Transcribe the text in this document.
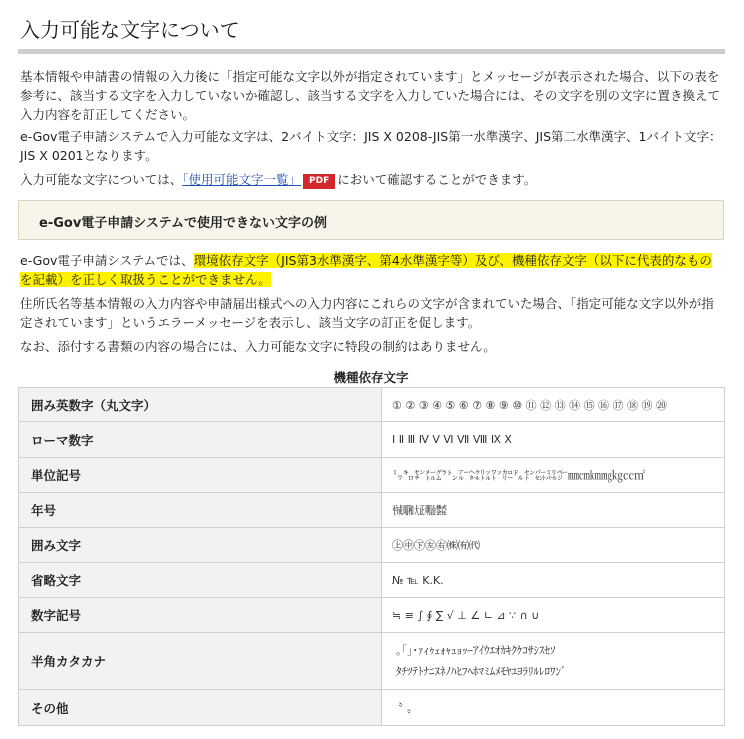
入力可能な文字について

基本情報や申請書の情報の入力後に「指定可能な文字以外が指定されています」とメッセージが表示された場合、以下の表を参考に、該当する文字を入力していないか確認し、該当する文字を入力していた場合には、その文字を別の文字に置き換えて入力内容を訂正してください。

e-Gov電子申請システムで入力可能な文字は、2バイト文字：JIS X 0208-JIS第一水準漢字、JIS第二水準漢字、1バイト文字：JIS X 0201となります。

入力可能な文字については、「使用可能文字一覧」 PDF において確認することができます。

e-Gov電子申請システムで使用できない文字の例

e-Gov電子申請システムでは、環境依存文字（JIS第3水準漢字、第4水準漢字等）及び、機種依存文字（以下に代表的なものを記載）を正しく取扱うことができません。

住所氏名等基本情報の入力内容や申請届出様式への入力内容にこれらの文字が含まれていた場合、「指定可能な文字以外が指定されています」というエラーメッセージを表示し、該当文字の訂正を促します。

なお、添付する書類の内容の場合には、入力可能な文字に特段の制約はありません。

機種依存文字
囲み英数字（丸文字）	① ② ③ ④ ⑤ ⑥ ⑦ ⑧ ⑨ ⑩ ⑪ ⑫ ⑬ ⑭ ⑮ ⑯ ⑰ ⑱ ⑲ ⑳
ローマ数字	Ⅰ Ⅱ Ⅲ Ⅳ Ⅴ Ⅵ Ⅶ Ⅷ Ⅸ Ⅹ
単位記号	㍉㌔㌢㍍㌘㌧㌃㌶㍑㍗㌍㌦㌣㌫㍊㌻㎜㎝㎞㎎㎏㏄㎡
年号	㍻㍼㍽㍾㍿
囲み文字	㊤㊥㊦㊧㊨㈱㈲㈹
省略文字	№ ℡ K.K.
数字記号	≒ ≡ ∫ ∮ ∑ √ ⊥ ∠ ∟ ⊿ ∵ ∩ ∪
半角カタカナ	｡｢｣･ｧｨｩｪｫｬｭｮｯｰｱｲｳｴｵｶｷｸｹｺｻｼｽｾｿ
ﾀﾁﾂﾃﾄﾅﾆﾇﾈﾉﾊﾋﾌﾍﾎﾏﾐﾑﾒﾓﾔﾕﾖﾗﾘﾙﾚﾛﾜﾝﾞ

その他	〝 〟
